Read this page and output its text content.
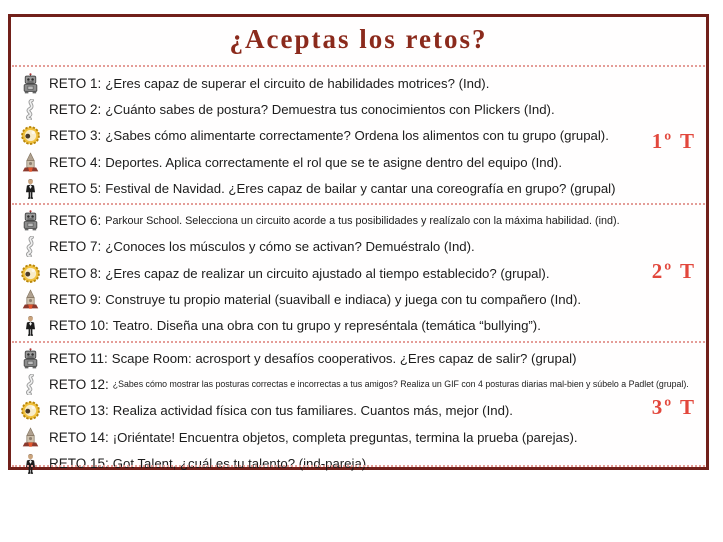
¿Aceptas los retos?
RETO 1: ¿Eres capaz de superar el circuito de habilidades motrices? (Ind).
RETO 2: ¿Cuánto sabes de postura? Demuestra tus conocimientos con Plickers (Ind).
RETO 3: ¿Sabes cómo alimentarte correctamente? Ordena los alimentos con tu grupo (grupal).
RETO 4: Deportes. Aplica correctamente el rol que se te asigne dentro del equipo (Ind).
RETO 5: Festival de Navidad. ¿Eres capaz de bailar y cantar una coreografía en grupo? (grupal)
RETO 6: Parkour School. Selecciona un circuito acorde a tus posibilidades y realízalo con la máxima habilidad. (ind).
RETO 7: ¿Conoces los músculos y cómo se activan? Demuéstralo (Ind).
RETO 8: ¿Eres capaz de realizar un circuito ajustado al tiempo establecido? (grupal).
RETO 9: Construye tu propio material (suaviball e indiaca) y juega con tu compañero (Ind).
RETO 10: Teatro. Diseña una obra con tu grupo y represéntala (temática “bullying”).
RETO 11: Scape Room: acrosport y desafíos cooperativos. ¿Eres capaz de salir? (grupal)
RETO 12: ¿Sabes cómo mostrar las posturas correctas e incorrectas a tus amigos? Realiza un GIF con 4 posturas diarias mal-bien y súbelo a Padlet (grupal).
RETO 13: Realiza actividad física con tus familiares. Cuantos más, mejor (Ind).
RETO 14: ¡Oriéntate! Encuentra objetos, completa preguntas, termina la prueba (parejas).
RETO 15: Got Talent, ¿cuál es tu talento? (ind-pareja).
1º T
2º T
3º T
